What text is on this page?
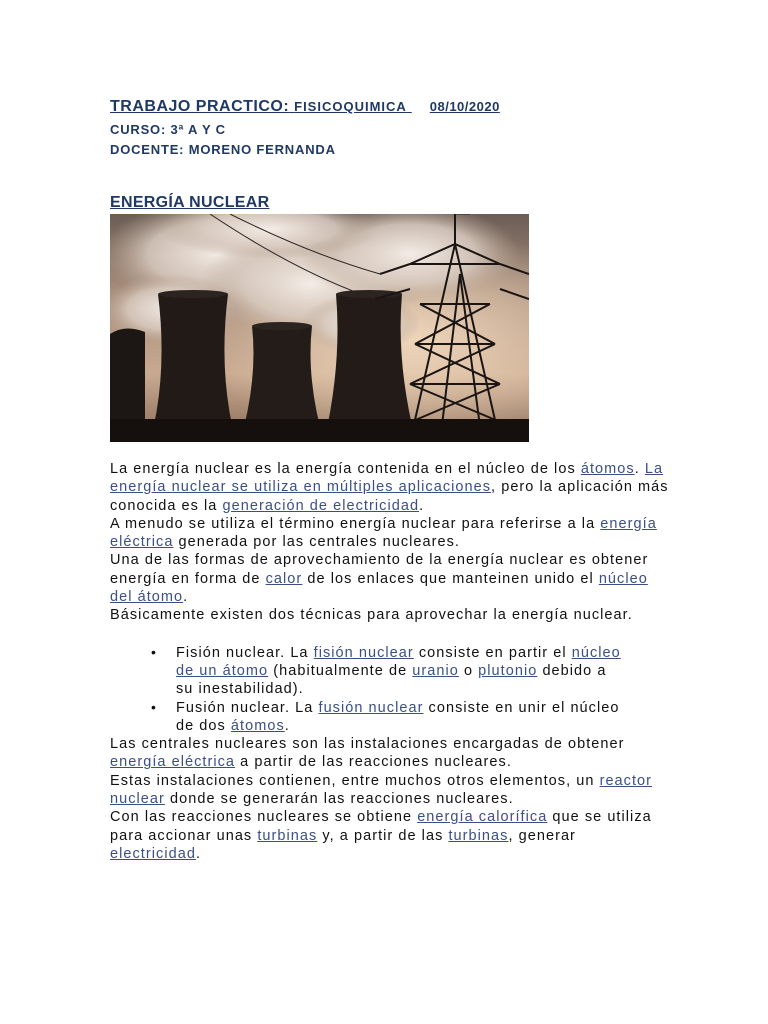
TRABAJO PRACTICO: FISICOQUIMICA 08/10/2020
CURSO: 3ª A Y C
DOCENTE: MORENO FERNANDA
ENERGÍA NUCLEAR

La energía nuclear es la energía contenida en el núcleo de los átomos. La energía nuclear se utiliza en múltiples aplicaciones, pero la aplicación más conocida es la generación de electricidad.

A menudo se utiliza el término energía nuclear para referirse a la energía eléctrica generada por las centrales nucleares.

Una de las formas de aprovechamiento de la energía nuclear es obtener energía en forma de calor de los enlaces que manteinen unido el núcleo del átomo.

Básicamente existen dos técnicas para aprovechar la energía nuclear.

• Fisión nuclear. La fisión nuclear consiste en partir el núcleo de un átomo (habitualmente de uranio o plutonio debido a su inestabilidad).
• Fusión nuclear. La fusión nuclear consiste en unir el núcleo de dos átomos.

Las centrales nucleares son las instalaciones encargadas de obtener energía eléctrica a partir de las reacciones nucleares.

Estas instalaciones contienen, entre muchos otros elementos, un reactor nuclear donde se generarán las reacciones nucleares.

Con las reacciones nucleares se obtiene energía calorífica que se utiliza para accionar unas turbinas y, a partir de las turbinas, generar electricidad.
